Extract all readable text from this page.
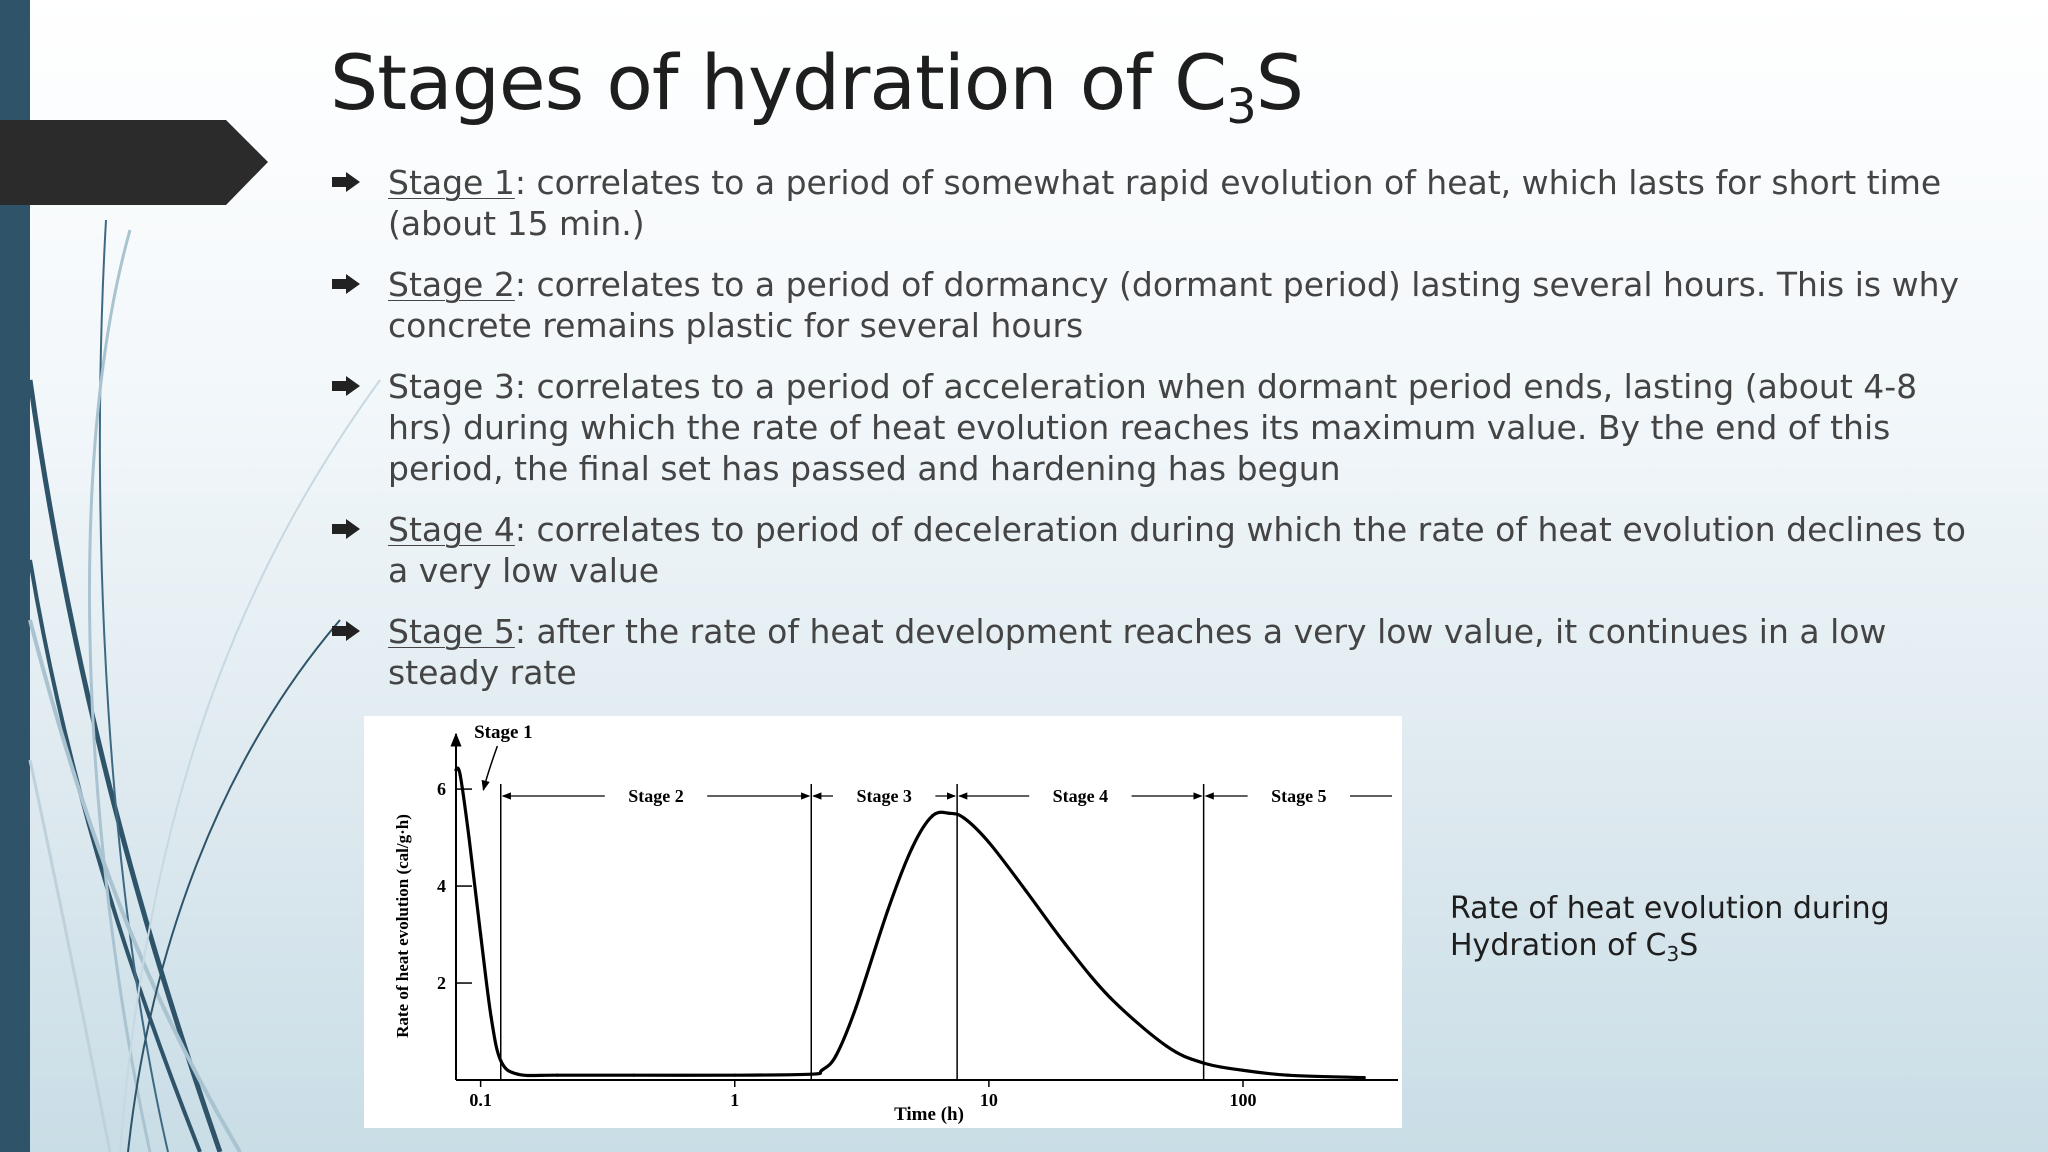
Stages of hydration of $C_3S$
Stage 1: correlates to a period of somewhat rapid evolution of heat, which lasts for short time (about 15 min.)
Stage 2: correlates to a period of dormancy (dormant period) lasting several hours. This is why concrete remains plastic for several hours
Stage 3: correlates to a period of acceleration when dormant period ends, lasting (about 4-8 hrs) during which the rate of heat evolution reaches its maximum value. By the end of this period, the final set has passed and hardening has begun
Stage 4: correlates to period of deceleration during which the rate of heat evolution declines to a very low value
Stage 5: after the rate of heat development reaches a very low value, it continues in a low steady rate
Stage 1
Stage 2	Stage 3	Stage 4	Stage 5
0.1	1	10	100
2
4
6
Time (h)
Rate of heat evolution (cal/g·h)	Rate of heat evolution during
Hydration of $C_3S$
